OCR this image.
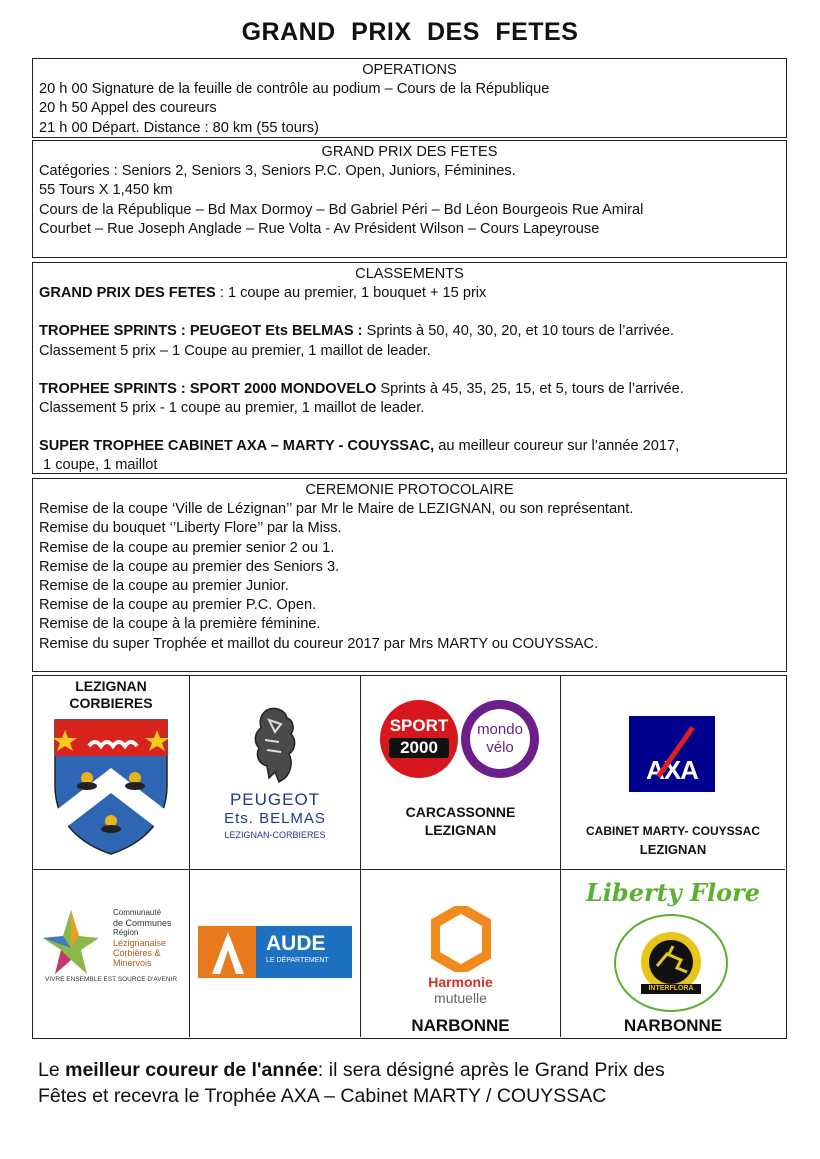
GRAND PRIX DES FETES
OPERATIONS
20 h 00 Signature de la feuille de contrôle au podium – Cours de la République
20 h 50 Appel des coureurs
21 h 00 Départ. Distance : 80 km (55 tours)
GRAND PRIX DES FETES
Catégories : Seniors 2, Seniors 3, Seniors P.C. Open, Juniors, Féminines.
55 Tours X 1,450 km
Cours de la République – Bd Max Dormoy – Bd Gabriel Péri – Bd Léon Bourgeois Rue Amiral
Courbet – Rue Joseph Anglade – Rue Volta - Av Président Wilson – Cours Lapeyrouse
CLASSEMENTS
GRAND PRIX DES FETES : 1 coupe au premier, 1 bouquet + 15 prix
TROPHEE SPRINTS : PEUGEOT Ets BELMAS : Sprints à 50, 40, 30, 20, et 10 tours de l’arrivée.
Classement 5 prix – 1 Coupe au premier, 1 maillot de leader.
TROPHEE SPRINTS : SPORT 2000 MONDOVELO Sprints à 45, 35, 25, 15, et 5, tours de l’arrivée.
Classement 5 prix - 1 coupe au premier, 1 maillot de leader.
SUPER TROPHEE CABINET AXA – MARTY - COUYSSAC, au meilleur coureur sur l’année 2017,
1 coupe, 1 maillot
CEREMONIE PROTOCOLAIRE
Remise de la coupe ‘Ville de Lézignan’’ par Mr le Maire de LEZIGNAN, ou son représentant.
Remise du bouquet ‘’Liberty Flore’’ par la Miss.
Remise de la coupe au premier senior 2 ou 1.
Remise de la coupe au premier des Seniors 3.
Remise de la coupe au premier Junior.
Remise de la coupe au premier P.C. Open.
Remise de la coupe à la première féminine.
Remise du super Trophée et maillot du coureur 2017 par Mrs MARTY ou COUYSSAC.
LEZIGNAN
CORBIERES
PEUGEOT
Ets. BELMAS
LEZIGNAN-CORBIERES
SPORT
2000
mondo
vélo
CARCASSONNE
LEZIGNAN
AXA
CABINET MARTY- COUYSSAC
LEZIGNAN
Communauté
de Communes
Région
Lézignanaise
Corbières &
Minervois
VIVRE ENSEMBLE EST SOURCE D'AVENIR
AUDE
LE DÉPARTEMENT
Harmonie
mutuelle
NARBONNE
Liberty Flore
INTERFLORA
NARBONNE
Le meilleur coureur de l'année: il sera désigné après le Grand Prix des
Fêtes et recevra le Trophée AXA – Cabinet MARTY / COUYSSAC
